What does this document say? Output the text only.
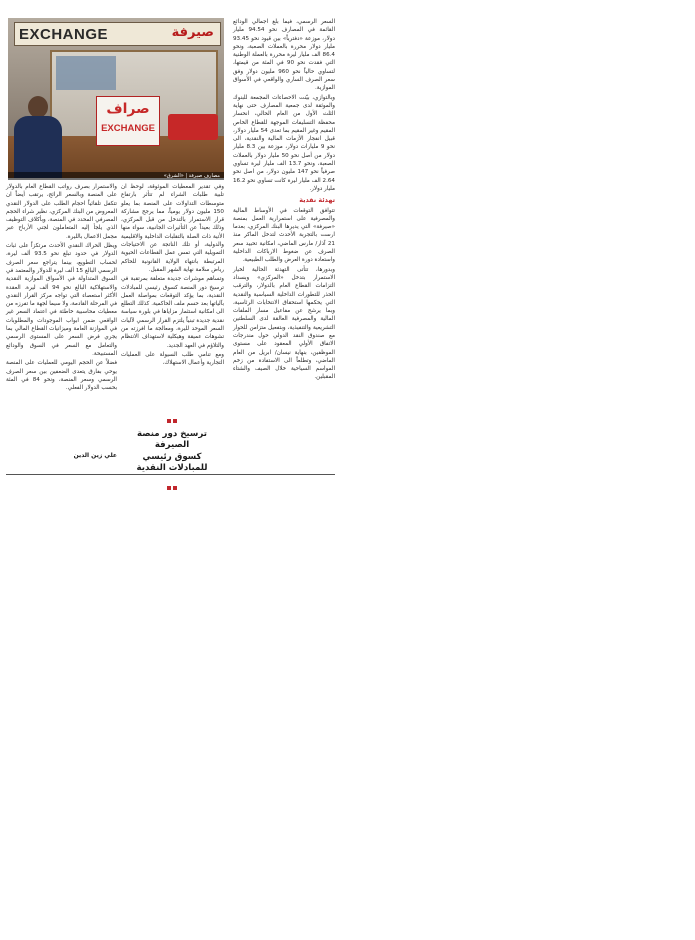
EXCHANGE	صيرفة
صراف
EXCHANGE
مصارف صيرفة | «الشرق»

السعر الرسمي، فيما بلغ اجمالي الودائع القائمة في المصارف نحو 94.54 مليار دولار، موزعة «دفترياً» بين قيود نحو 93.45 مليار دولار محررة بالعملات الصعبة، ونحو 86.4 الف مليار ليرة محررة بالعملة الوطنية التي فقدت نحو 90 في المئة من قيمتها، لتساوي حالياً نحو 960 مليون دولار وفق سعر الصرف الساري والواقعي في الأسواق الموازية.

وبالتوازي، بيّنت الاحصاءات المجمعة للبنوك والموثقة لدى جمعية المصارف حتى نهاية الثلث الأول من العام الحالي، انحسار محفظة التسليفات الموجهة للقطاع الخاص المقيم وغير المقيم بما تعدى 54 مليار دولار، قبيل انفجار الأزمات المالية والنقدية، الى نحو 9 مليارات دولار، موزعة بين 8.3 مليار دولار من أصل نحو 50 مليار دولار بالعملات الصعبة، ونحو 13.7 الف مليار ليرة تساوي صرفياً نحو 147 مليون دولار، من اصل نحو 2.64 الف مليار ليرة كانت تساوي نحو 16.2 مليار دولار.

تهدئة نقدية

تتوافق التوقعات في الأوساط المالية والمصرفية على استمرارية العمل بمنصة «صيرفة» التي يديرها البنك المركزي، بعدما ارست بالتجربة الأحدث لتدخل الماكر منذ 21 آذار/ مارس الماضي، امكانية تحييد سعر الصرف عن ضغوط الارباكات الداخلية واستعادة دورة العرض والطلب الطبيعية.

وبدورها، تتأتى التهدئة الحالية لخيار الاستمرار بتدخل «المركزي» وبسداد التزامات القطاع العام بالدولار، والترقب الحذر للتطورات الداخلية السياسية والنقدية التي يحكمها استحقاق الانتخابات الرئاسية، وبما يرشح عن مفاعيل مسار الملفات المالية والمصرفية العالقة لدى السلطتين التشريعية والتنفيذية، وبتفعيل متزامن للحوار مع صندوق النقد الدولي حول مندرجات الاتفاق الأولي المعقود على مستوى الموظفين، بنهاية نيسان/ ابريل من العام الماضي، وتطلعاً الى الاستفادة من زخم المواسم السياحية خلال الصيف والشتاء المقبلين.

وفي تقدير المعطيات الموثوقة، لوحظ ان تلبية طلبات الشراء لم تتأثر بارتفاع متوسطات التداولات على المنصة بما يعلو 150 مليون دولار يومياً، مما يرجح مشاركة قرار الاستمرار بالتدخل من قبل المركزي، وذلك بعيداً عن التأثيرات الجانبية، سواء منها الأتية ذات الصلة بالتقلبات الداخلية والاقليمية والدولية، أو تلك الناتجة عن الاحتياجات التمويلية التي تمس عمل القطاعات الحيوية المرتبطة بانتهاء الولاية القانونية للحاكم رياض سلامة نهاية الشهر المقبل.

وتساهم موشرات جديدة متعلقة بمرتقبة في ترسيخ دور المنصة كسوق رئيسي للمبادلات النقدية، بما يؤكد التوقعات بمواصلة العمل بآلياتها بعد حسم ملف الحاكمية. كذلك التطلع الى امكانية استثمار مزاياها في بلورة سياسة نقدية جديدة تبنياً يلتزم القرار الرسمي لآليات السعر الموحد لليرة، ومعالجة ما افرزته من تشوهات عميقة وهيكلية لاستهداف الانتظام والتلاؤم في العهد الجديد.

ومع تنامي طلب السيولة على العمليات التجارية وأعمال الاستهلاك،

والاستمرار بصرف رواتب القطاع العام بالدولار على المنصة وبالسعر الرائج، يرتقب أيضاً ان تتكفل تلقائياً احجام الطلب على الدولار النقدي المعروض من البنك المركزي، نظير شراء الحجم المصرفي المحدد في المنصة، وبأكلاف التوظيف الذي يلجأ إليه المتعاملون لجني الأرباح عبر مجمل الاعمال بالليرة.

ويظل الحراك النقدي الأحدث مرتكزاً على ثبات الدولار في حدود تبلغ نحو 93.5 ألف ليرة، لحساب التطويع، بينما يتراجع سعر الصرف الرسمي البالغ 15 ألف ليرة للدولار والمعتمد في السوق المتداولة في الأسواق الموازية النقدية والاستهلاكية البالغ نحو 94 ألف ليرة. العقدة الأكثر استعصاء التي تواجه مركز القرار النقدي في المرحلة القادمة، ولا سيما لجهة ما تفرزه من معطيات محاسبية خاطئة في اعتماد السعر غير الواقعي ضمن ابواب الموجودات والمطلوبات في الموازنة العامة وميزانيات القطاع المالي بما يجري فرض السعر على المستوى الرسمي والتعامل مع السعر في السوق والودائع المستبيحة.

فضلاً عن الحجم اليومي للعمليات على المنصة يوحي بفارق يتعدى الضعفين بين سعر الصرف الرسمي وسعر المنصة، ونحو 84 في المئة بحسب الدولار الفعلي.

ترسيخ دور منصة الصيرفة
كسوق رئيسي للمبادلات النقدية
علي زين الدين
